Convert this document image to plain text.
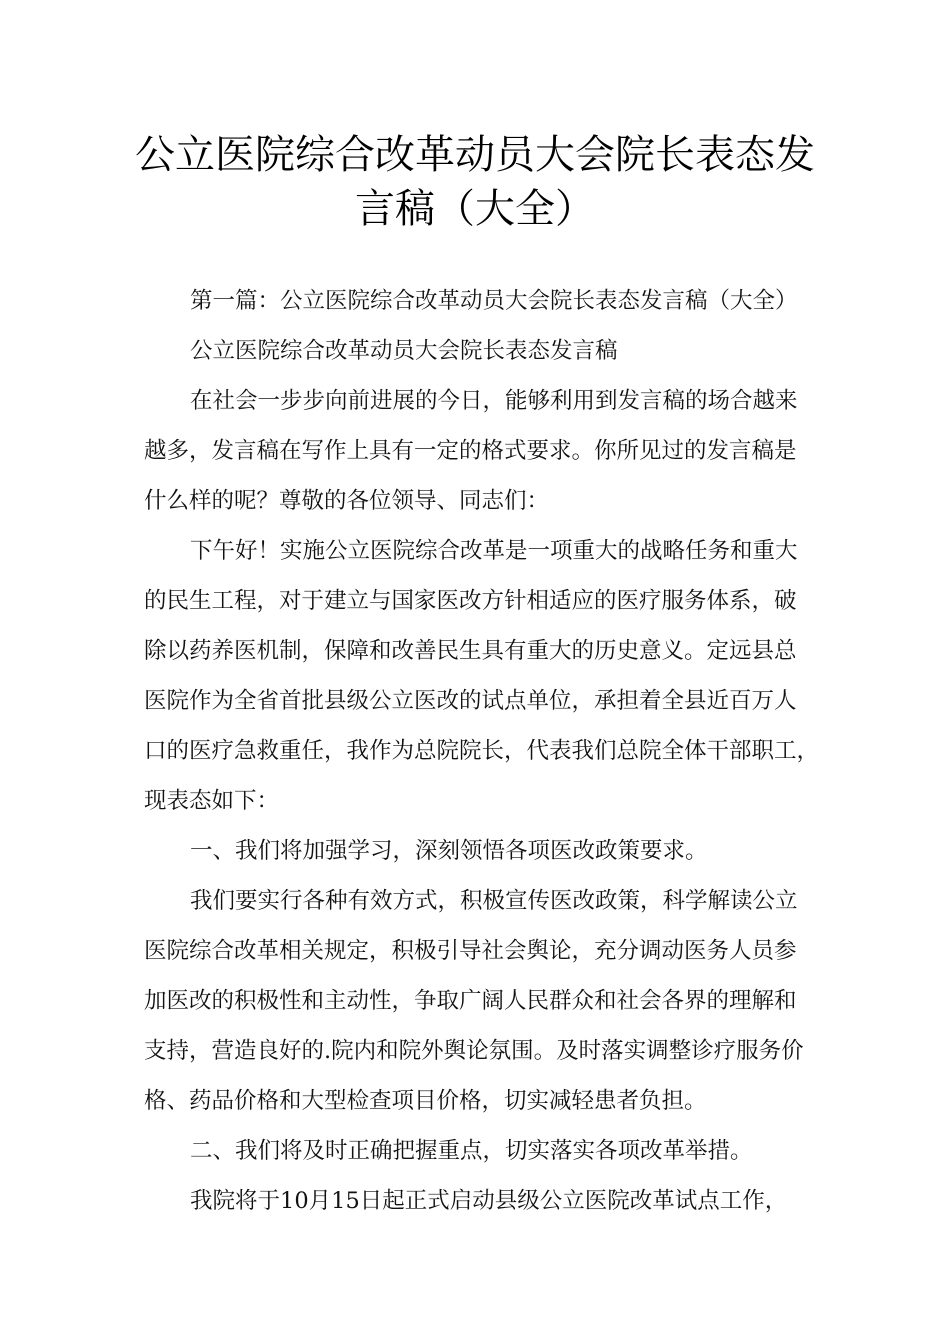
公立医院综合改革动员大会院长表态发
言稿（大全）
第一篇：公立医院综合改革动员大会院长表态发言稿（大全）
公立医院综合改革动员大会院长表态发言稿
在社会一步步向前进展的今日，能够利用到发言稿的场合越来
越多，发言稿在写作上具有一定的格式要求。你所见过的发言稿是
什么样的呢？尊敬的各位领导、同志们：
下午好！实施公立医院综合改革是一项重大的战略任务和重大
的民生工程，对于建立与国家医改方针相适应的医疗服务体系，破
除以药养医机制，保障和改善民生具有重大的历史意义。定远县总
医院作为全省首批县级公立医改的试点单位，承担着全县近百万人
口的医疗急救重任，我作为总院院长，代表我们总院全体干部职工，
现表态如下：
一、我们将加强学习，深刻领悟各项医改政策要求。
我们要实行各种有效方式，积极宣传医改政策，科学解读公立
医院综合改革相关规定，积极引导社会舆论，充分调动医务人员参
加医改的积极性和主动性，争取广阔人民群众和社会各界的理解和
支持，营造良好的.院内和院外舆论氛围。及时落实调整诊疗服务价
格、药品价格和大型检查项目价格，切实减轻患者负担。
二、我们将及时正确把握重点，切实落实各项改革举措。
我院将于10月15日起正式启动县级公立医院改革试点工作，
